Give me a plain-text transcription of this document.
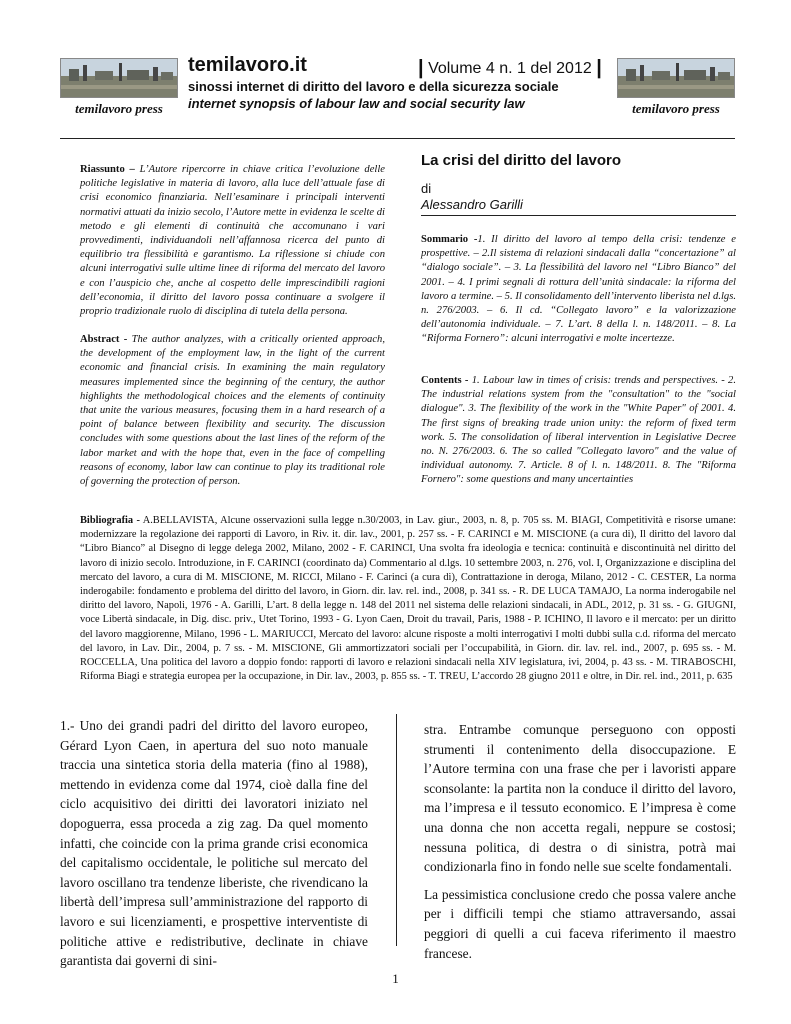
temilavoro press
temilavoro.it	| Volume 4 n. 1 del 2012 |
sinossi internet di diritto del lavoro e della sicurezza sociale
internet synopsis of labour law and social security law	temilavoro press
Riassunto – L’Autore ripercorre in chiave critica l’evoluzione delle politiche legislative in materia di lavoro, alla luce dell’attuale fase di crisi economico finanziaria. Nell’esaminare i principali interventi normativi attuati da inizio secolo, l’Autore mette in evidenza le scelte di metodo e gli elementi di continuità che accomunano i vari provvedimenti, individuandoli nell’affannosa ricerca del punto di equilibrio tra flessibilità e garantismo. La riflessione si chiude con alcuni interrogativi sulle ultime linee di riforma del mercato del lavoro e con l’auspicio che, anche al cospetto delle imprescindibili ragioni dell’economia, il diritto del lavoro possa continuare a svolgere il proprio tradizionale ruolo di disciplina di tutela della persona.
Abstract - The author analyzes, with a critically oriented approach, the development of the employment law, in the light of the current economic and financial crisis. In examining the main regulatory measures implemented since the beginning of the century, the author highlights the methodological choices and the elements of continuity that unite the various measures, focusing them in a hard research of a point of balance between flexibility and security. The discussion concludes with some questions about the last lines of the reform of the labor market and with the hope that, even in the face of compelling reasons of economy, labor law can continue to play its traditional role of governing the protection of person.
La crisi del diritto del lavoro
di
Alessandro Garilli
Sommario -1. Il diritto del lavoro al tempo della crisi: tendenze e prospettive. – 2.Il sistema di relazioni sindacali dalla “concertazione” al “dialogo sociale”. – 3. La flessibilità del lavoro nel “Libro Bianco” del 2001. – 4. I primi segnali di rottura dell’unità sindacale: la riforma del lavoro a termine. – 5. Il consolidamento dell’intervento liberista nel d.lgs. n. 276/2003. – 6. Il cd. “Collegato lavoro” e la valorizzazione dell’autonomia individuale. – 7. L’art. 8 della l. n. 148/2011. – 8. La “Riforma Fornero”: alcuni interrogativi e molte incertezze.
Contents - 1. Labour law in times of crisis: trends and perspectives. - 2. The industrial relations system from the "consultation" to the "social dialogue". 3. The flexibility of the work in the "White Paper" of 2001. 4. The first signs of breaking trade union unity: the reform of fixed term work. 5. The consolidation of liberal intervention in Legislative Decree no. N. 276/2003. 6. The so called "Collegato lavoro" and the value of individual autonomy. 7. Article. 8 of l. n. 148/2011. 8. The "Riforma Fornero": some questions and many uncertainties
Bibliografia - A.BELLAVISTA, Alcune osservazioni sulla legge n.30/2003, in Lav. giur., 2003, n. 8, p. 705 ss. M. BIAGI, Competitività e risorse umane: modernizzare la regolazione dei rapporti di Lavoro, in Riv. it. dir. lav., 2001, p. 257 ss. - F. CARINCI e M. MISCIONE (a cura di), Il diritto del lavoro dal “Libro Bianco” al Disegno di legge delega 2002, Milano, 2002 - F. CARINCI, Una svolta fra ideologia e tecnica: continuità e discontinuità nel diritto del lavoro di inizio secolo. Introduzione, in F. CARINCI (coordinato da) Commentario al d.lgs. 10 settembre 2003, n. 276, vol. I, Organizzazione e disciplina del mercato del lavoro, a cura di M. MISCIONE, M. RICCI, Milano - F. Carinci (a cura di), Contrattazione in deroga, Milano, 2012 - C. CESTER, La norma inderogabile: fondamento e problema del diritto del lavoro, in Giorn. dir. lav. rel. ind., 2008, p. 341 ss. - R. DE LUCA TAMAJO, La norma inderogabile nel diritto del lavoro, Napoli, 1976 - A. Garilli, L’art. 8 della legge n. 148 del 2011 nel sistema delle relazioni sindacali, in ADL, 2012, p. 31 ss. - G. GIUGNI, voce Libertà sindacale, in Dig. disc. priv., Utet Torino, 1993 - G. Lyon Caen, Droit du travail, Paris, 1988 - P. ICHINO, Il lavoro e il mercato: per un diritto del lavoro maggiorenne, Milano, 1996 - L. MARIUCCI, Mercato del lavoro: alcune risposte a molti interrogativi I molti dubbi sulla c.d. riforma del mercato del lavoro, in Lav. Dir., 2004, p. 7 ss. - M. MISCIONE, Gli ammortizzatori sociali per l’occupabilità, in Giorn. dir. lav. rel. ind., 2007, p. 695 ss. - M. ROCCELLA, Una politica del lavoro a doppio fondo: rapporti di lavoro e relazioni sindacali nella XIV legislatura, ivi, 2004, p. 43 ss. - M. TIRABOSCHI, Riforma Biagi e strategia europea per la occupazione, in Dir. lav., 2003, p. 855 ss. - T. TREU, L’accordo 28 giugno 2011 e oltre, in Dir. rel. ind., 2011, p. 635

1.- Uno dei grandi padri del diritto del lavoro europeo, Gérard Lyon Caen, in apertura del suo noto manuale traccia una sintetica storia della materia (fino al 1988), mettendo in evidenza come dal 1974, cioè dalla fine del ciclo acquisitivo dei diritti dei lavoratori iniziato nel dopoguerra, essa proceda a zig zag. Da quel momento infatti, che coincide con la prima grande crisi economica del capitalismo occidentale, le politiche sul mercato del lavoro oscillano tra tendenze liberiste, che rivendicano la libertà dell’impresa sull’amministrazione del rapporto di lavoro e sui licenziamenti, e prospettive interventiste di politiche attive e redistributive, declinate in chiave garantista dai governi di sini-

stra. Entrambe comunque perseguono con opposti strumenti il contenimento della disoccupazione. E l’Autore termina con una frase che per i lavoristi appare sconsolante: la partita non la conduce il diritto del lavoro, ma l’impresa e il tessuto economico. E l’impresa è come una donna che non accetta regali, neppure se costosi; nessuna politica, di destra o di sinistra, potrà mai condizionarla fino in fondo nelle sue scelte fondamentali.

La pessimistica conclusione credo che possa valere anche per i difficili tempi che stiamo attraversando, assai peggiori di quelli a cui faceva riferimento il maestro francese.

1
